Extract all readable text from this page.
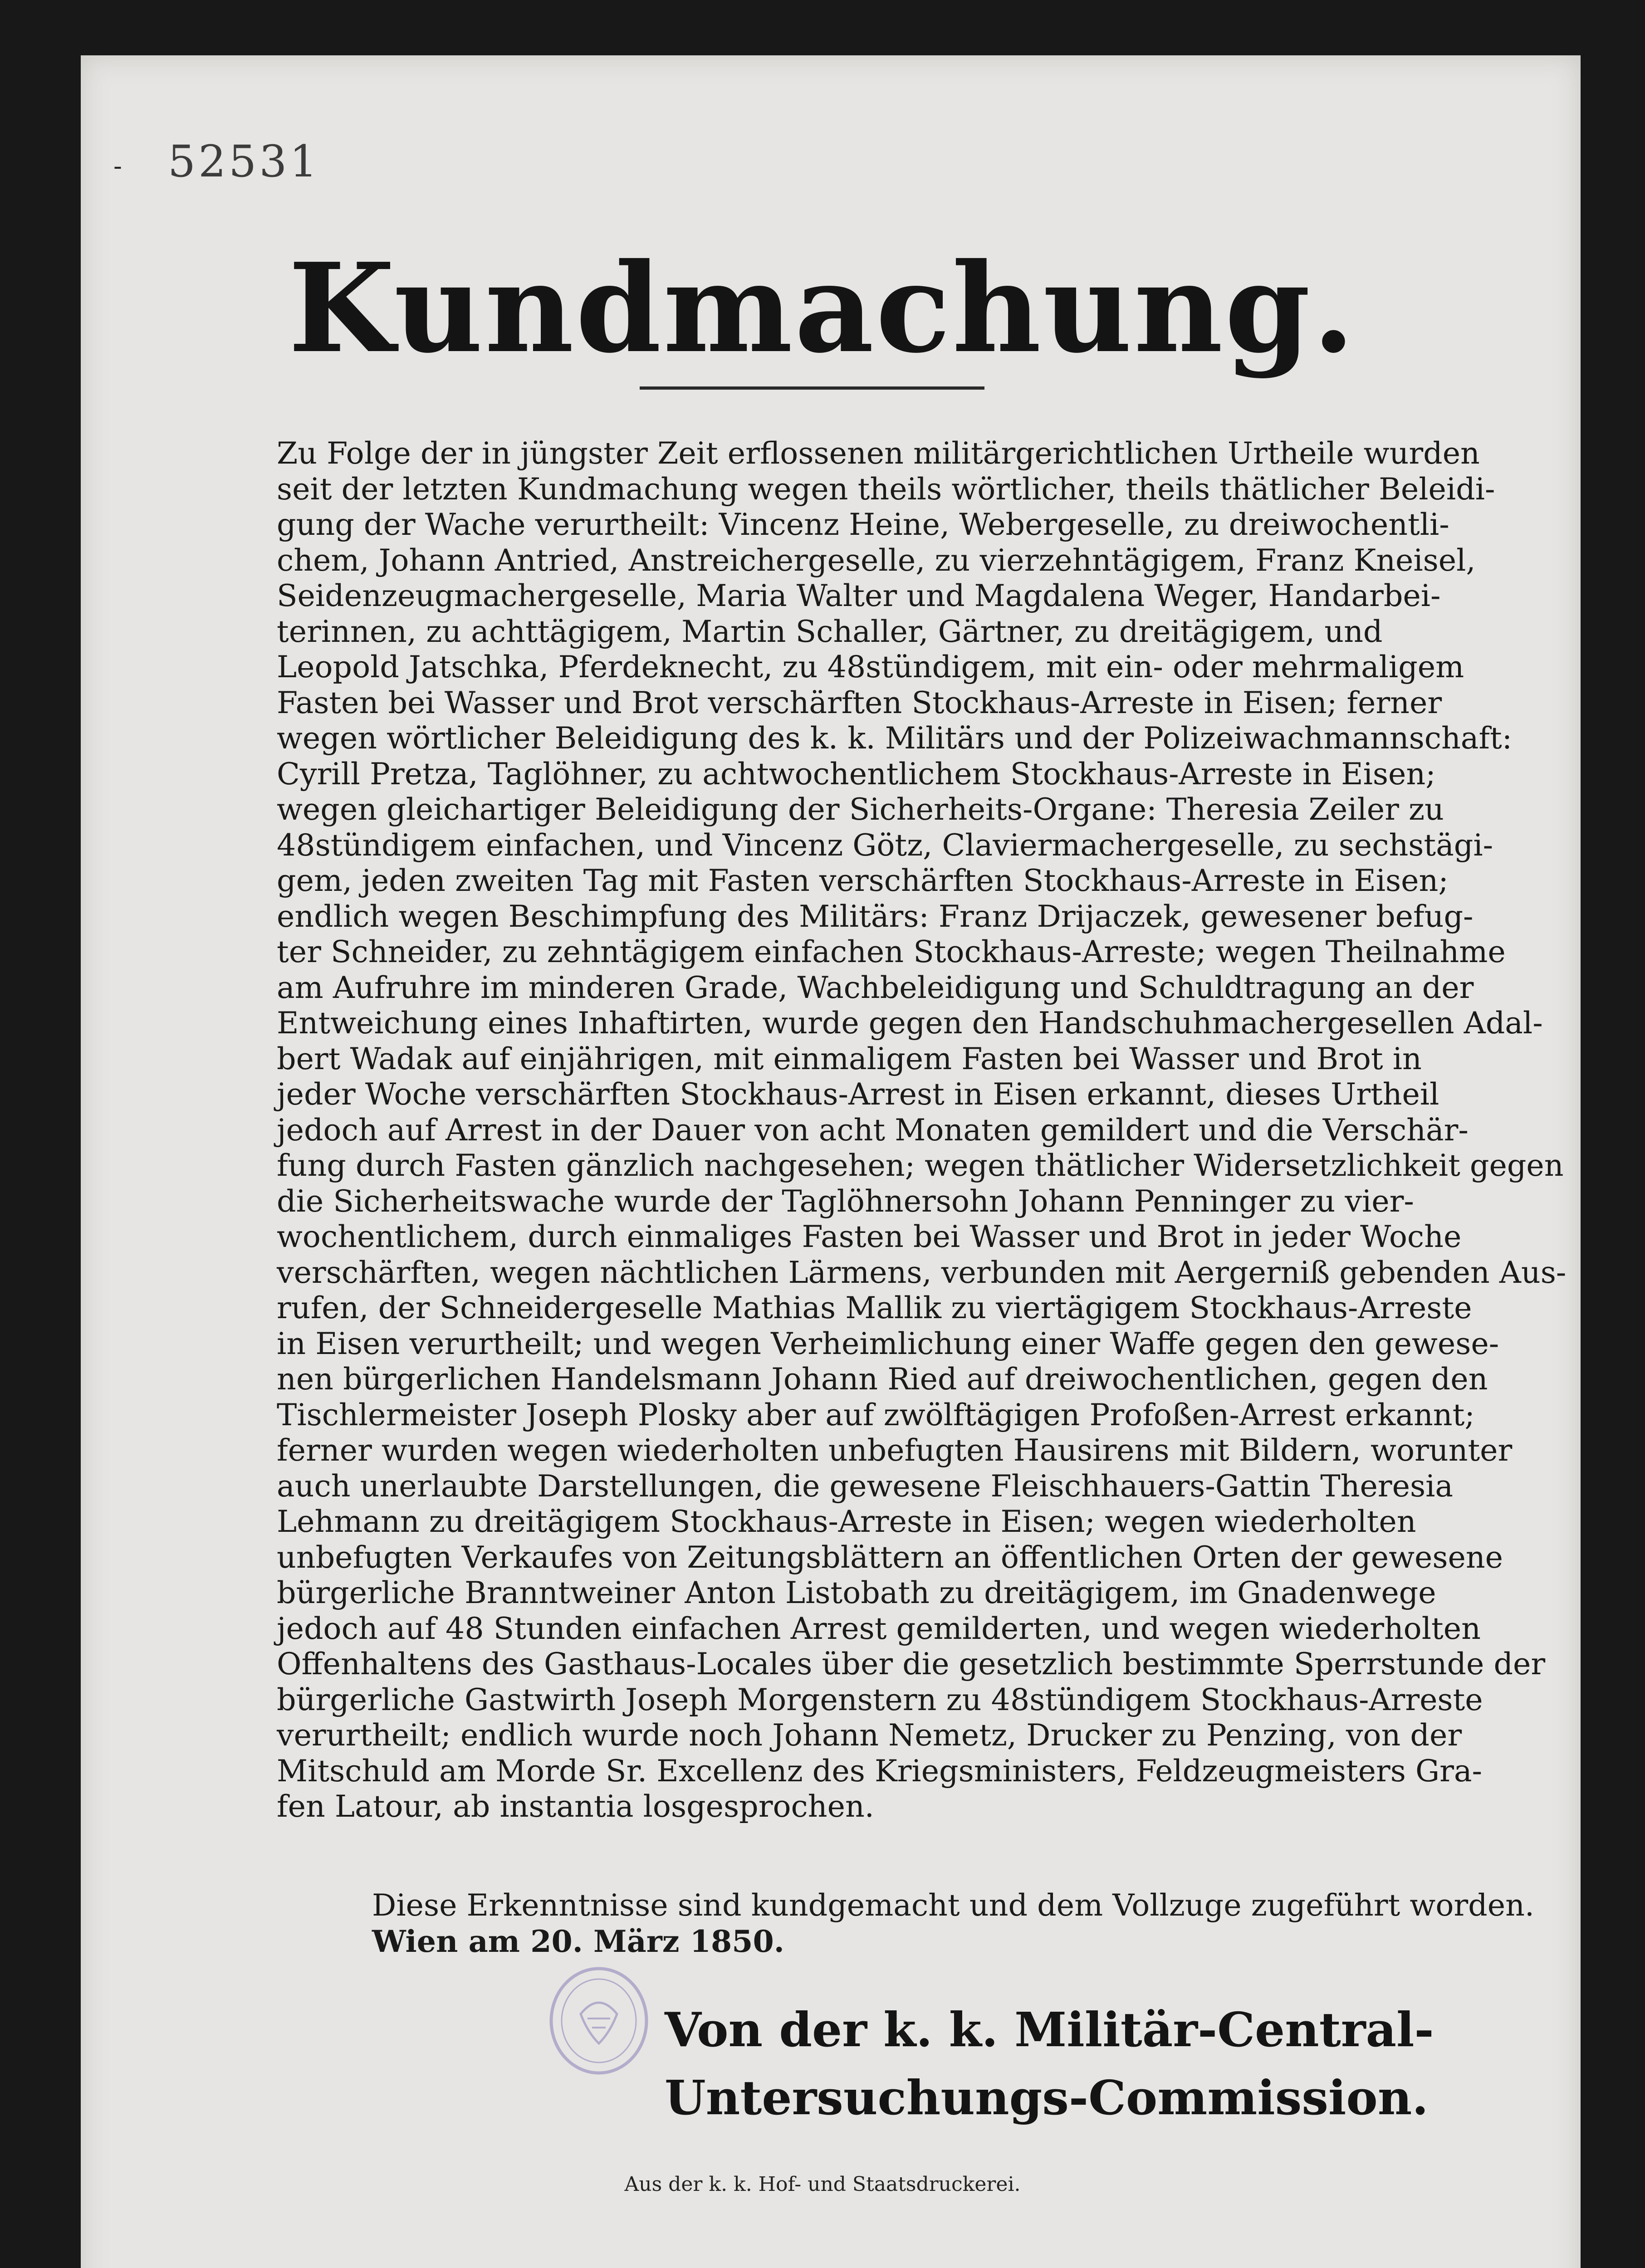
- 52531
Kundmachung.
Zu Folge der in jüngster Zeit erflossenen militärgerichtlichen Urtheile wurden
seit der letzten Kundmachung wegen theils wörtlicher, theils thätlicher Beleidi-
gung der Wache verurtheilt: Vincenz Heine, Webergeselle, zu dreiwochentli-
chem, Johann Antried, Anstreichergeselle, zu vierzehntägigem, Franz Kneisel,
Seidenzeugmachergeselle, Maria Walter und Magdalena Weger, Handarbei-
terinnen, zu achttägigem, Martin Schaller, Gärtner, zu dreitägigem, und
Leopold Jatschka, Pferdeknecht, zu 48stündigem, mit ein- oder mehrmaligem
Fasten bei Wasser und Brot verschärften Stockhaus-Arreste in Eisen; ferner
wegen wörtlicher Beleidigung des k. k. Militärs und der Polizeiwachmannschaft:
Cyrill Pretza, Taglöhner, zu achtwochentlichem Stockhaus-Arreste in Eisen;
wegen gleichartiger Beleidigung der Sicherheits-Organe: Theresia Zeiler zu
48stündigem einfachen, und Vincenz Götz, Claviermachergeselle, zu sechstägi-
gem, jeden zweiten Tag mit Fasten verschärften Stockhaus-Arreste in Eisen;
endlich wegen Beschimpfung des Militärs: Franz Drijaczek, gewesener befug-
ter Schneider, zu zehntägigem einfachen Stockhaus-Arreste; wegen Theilnahme
am Aufruhre im minderen Grade, Wachbeleidigung und Schuldtragung an der
Entweichung eines Inhaftirten, wurde gegen den Handschuhmachergesellen Adal-
bert Wadak auf einjährigen, mit einmaligem Fasten bei Wasser und Brot in
jeder Woche verschärften Stockhaus-Arrest in Eisen erkannt, dieses Urtheil
jedoch auf Arrest in der Dauer von acht Monaten gemildert und die Verschär-
fung durch Fasten gänzlich nachgesehen; wegen thätlicher Widersetzlichkeit gegen
die Sicherheitswache wurde der Taglöhnersohn Johann Penninger zu vier-
wochentlichem, durch einmaliges Fasten bei Wasser und Brot in jeder Woche
verschärften, wegen nächtlichen Lärmens, verbunden mit Aergerniß gebenden Aus-
rufen, der Schneidergeselle Mathias Mallik zu viertägigem Stockhaus-Arreste
in Eisen verurtheilt; und wegen Verheimlichung einer Waffe gegen den gewese-
nen bürgerlichen Handelsmann Johann Ried auf dreiwochentlichen, gegen den
Tischlermeister Joseph Plosky aber auf zwölftägigen Profoßen-Arrest erkannt;
ferner wurden wegen wiederholten unbefugten Hausirens mit Bildern, worunter
auch unerlaubte Darstellungen, die gewesene Fleischhauers-Gattin Theresia
Lehmann zu dreitägigem Stockhaus-Arreste in Eisen; wegen wiederholten
unbefugten Verkaufes von Zeitungsblättern an öffentlichen Orten der gewesene
bürgerliche Branntweiner Anton Listobath zu dreitägigem, im Gnadenwege
jedoch auf 48 Stunden einfachen Arrest gemilderten, und wegen wiederholten
Offenhaltens des Gasthaus-Locales über die gesetzlich bestimmte Sperrstunde der
bürgerliche Gastwirth Joseph Morgenstern zu 48stündigem Stockhaus-Arreste
verurtheilt; endlich wurde noch Johann Nemetz, Drucker zu Penzing, von der
Mitschuld am Morde Sr. Excellenz des Kriegsministers, Feldzeugmeisters Gra-
fen Latour, ab instantia losgesprochen.
Diese Erkenntnisse sind kundgemacht und dem Vollzuge zugeführt worden.
Wien am 20. März 1850.
Von der k. k. Militär-Central-
Untersuchungs-Commission.
Aus der k. k. Hof- und Staatsdruckerei.
